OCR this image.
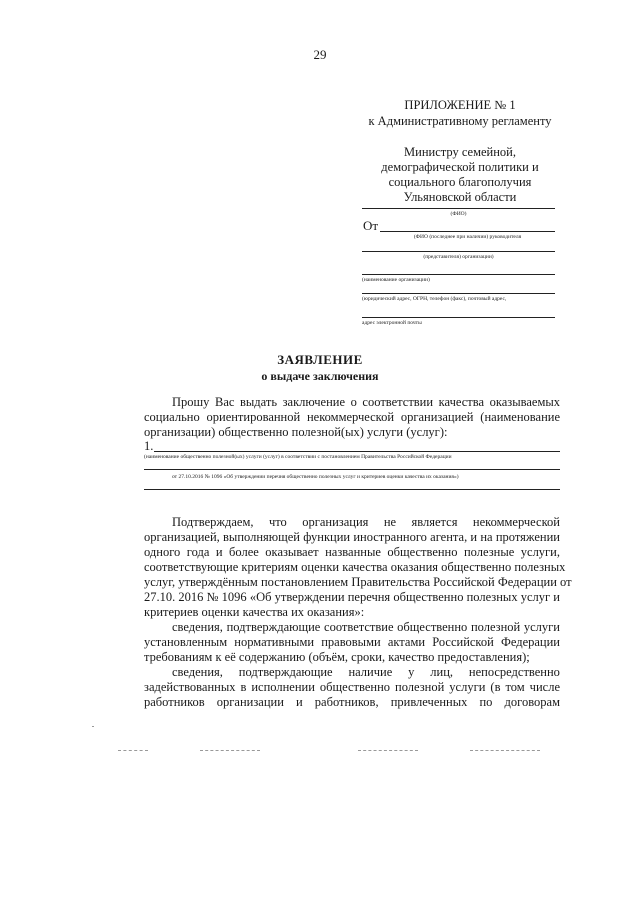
29
ПРИЛОЖЕНИЕ № 1
к Административному регламенту
Министру семейной,
демографической политики и
социального благополучия
Ульяновской области
(ФИО)
От
(ФИО (последнее при наличии) руководителя
(представителя) организации)
(наименование организации)
(юридический адрес, ОГРН, телефон (факс), почтовый адрес,
адрес электронной почты
ЗАЯВЛЕНИЕ
о выдаче заключения
Прошу Вас выдать заключение о соответствии качества оказываемых
социально ориентированной некоммерческой организацией (наименование
организации) общественно полезной(ых) услуги (услуг):
1.
(наименование общественно полезной(ых) услуги (услуг) в соответствии с постановлением Правительства Российской Федерации
от 27.10.2016 № 1096 «Об утверждении перечня общественно полезных услуг и критериев оценки качества их оказания»)
Подтверждаем, что организация не является некоммерческой
организацией, выполняющей функции иностранного агента, и на протяжении
одного года и более оказывает названные общественно полезные услуги,
соответствующие критериям оценки качества оказания общественно полезных
услуг, утверждённым постановлением Правительства Российской Федерации от
27.10. 2016 № 1096 «Об утверждении перечня общественно полезных услуг и
критериев оценки качества их оказания»:
сведения, подтверждающие соответствие общественно полезной услуги
установленным нормативными правовыми актами Российской Федерации
требованиям к её содержанию (объём, сроки, качество предоставления);
сведения, подтверждающие наличие у лиц, непосредственно
задействованных в исполнении общественно полезной услуги (в том числе
работников организации и работников, привлеченных по договорам
